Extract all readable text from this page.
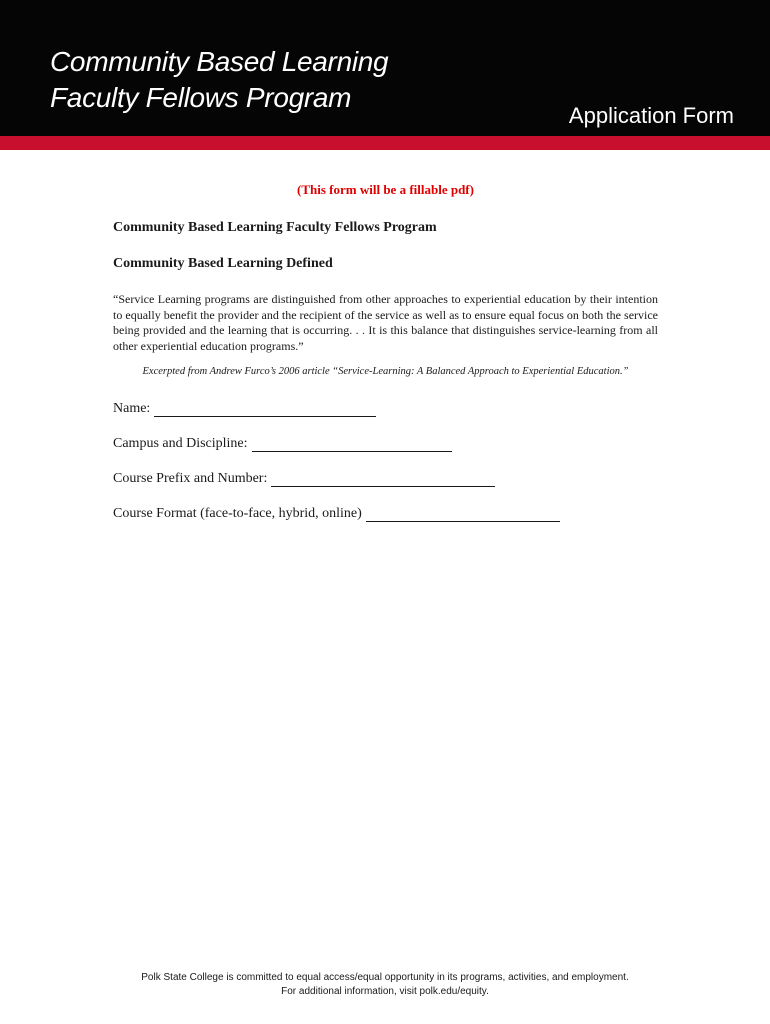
Community Based Learning
Faculty Fellows Program
Application Form
(This form will be a fillable pdf)
Community Based Learning Faculty Fellows Program
Community Based Learning Defined

“Service Learning programs are distinguished from other approaches to experiential education by their intention to equally benefit the provider and the recipient of the service as well as to ensure equal focus on both the service being provided and the learning that is occurring. . . It is this balance that distinguishes service-learning from all other experiential education programs.”

Excerpted from Andrew Furco’s 2006 article “Service-Learning: A Balanced Approach to Experiential Education.”

Name:
Campus and Discipline:
Course Prefix and Number:
Course Format (face-to-face, hybrid, online)
Polk State College is committed to equal access/equal opportunity in its programs, activities, and employment.
For additional information, visit polk.edu/equity.
